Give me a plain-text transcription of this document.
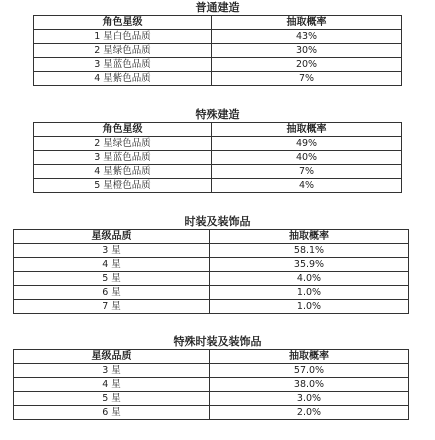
普通建造
角色星级	抽取概率
1 星白色品质	43%
2 星绿色品质	30%
3 星蓝色品质	20%
4 星紫色品质	7%
特殊建造
角色星级	抽取概率
2 星绿色品质	49%
3 星蓝色品质	40%
4 星紫色品质	7%
5 星橙色品质	4%
时装及装饰品
星级品质	抽取概率
3 星	58.1%
4 星	35.9%
5 星	4.0%
6 星	1.0%
7 星	1.0%
特殊时装及装饰品
星级品质	抽取概率
3 星	57.0%
4 星	38.0%
5 星	3.0%
6 星	2.0%
